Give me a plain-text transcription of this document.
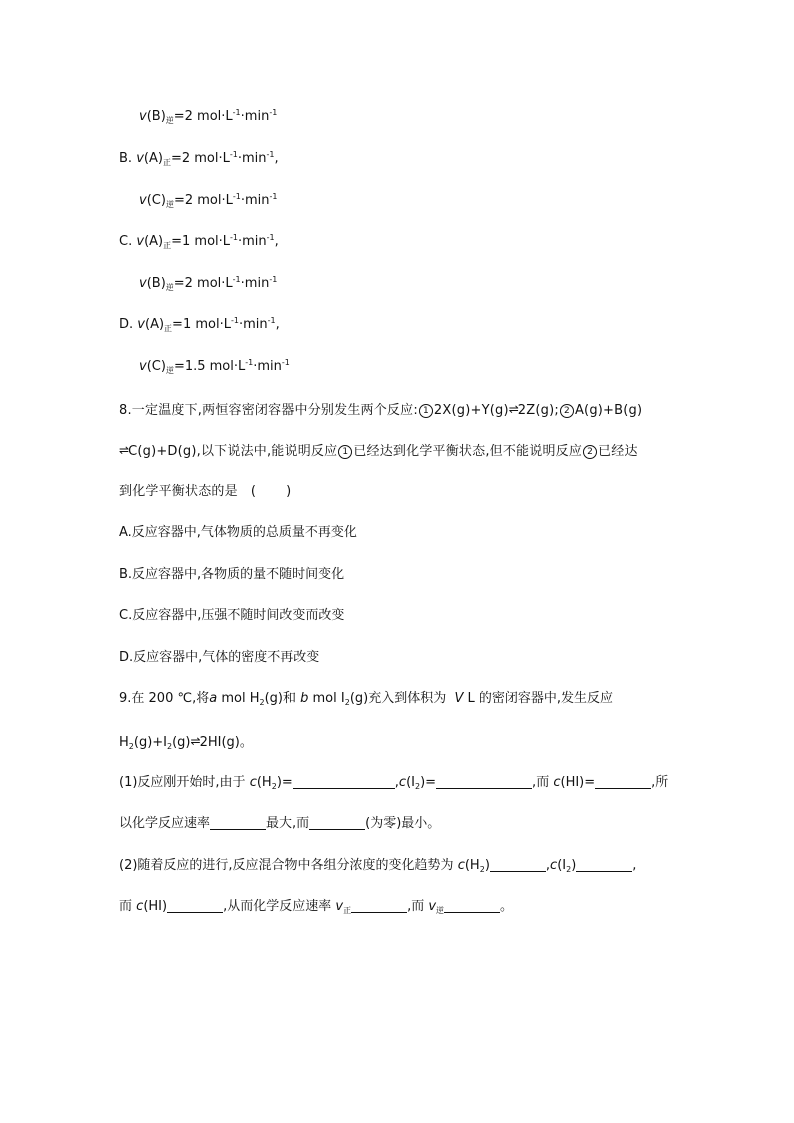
$v(B)_逆=2$ $mol\cdot L^{-1}\cdot\min^{-1}$
B. $v(A)_正=2$ $mol\cdot L^{-1}\cdot\min^{-1}$,
$v(C)_逆=2$ $mol\cdot L^{-1}\cdot\min^{-1}$
C. $v(A)_正=1$ $mol\cdot L^{-1}\cdot\min^{-1}$,
$v(B)_逆=2$ $mol\cdot L^{-1}\cdot\min^{-1}$
D. $v(A)_正=1$ $mol\cdot L^{-1}\cdot\min^{-1}$,
$v(C)_逆=1.5$ $mol\cdot L^{-1}\cdot\min^{-1}$
8.一定温度下,两恒容密闭容器中分别发生两个反应: 1 2X(g)+Y(g)⇌2Z(g); 2 A(g)+B(g)
⇌C(g)+D(g),以下说法中,能说明反应 1 已经达到化学平衡状态,但不能说明反应 2 已经达
到化学平衡状态的是 ( )
A.反应容器中,气体物质的总质量不再变化
B.反应容器中,各物质的量不随时间变化
C.反应容器中,压强不随时间改变而改变
D.反应容器中,气体的密度不再改变
9.在 200 ℃,将a mol $H_2(g)$和 b mol $I_2(g)$充入到体积为 V L 的密闭容器中,发生反应
$H_2(g)+I_2(g)\rightleftharpoons 2HI(g)$。
(1)反应刚开始时,由于 $c(H_2)=$	$,c(I_2)=$	,而 c(HI)=	,所
以化学反应速率	最大,而	(为零)最小。
(2)随着反应的进行,反应混合物中各组分浓度的变化趋势为 $c(H_2)$	$,c(I_2)$	,
而 c(HI)	,从而化学反应速率 $v_正$	,而 $v_逆$	。
